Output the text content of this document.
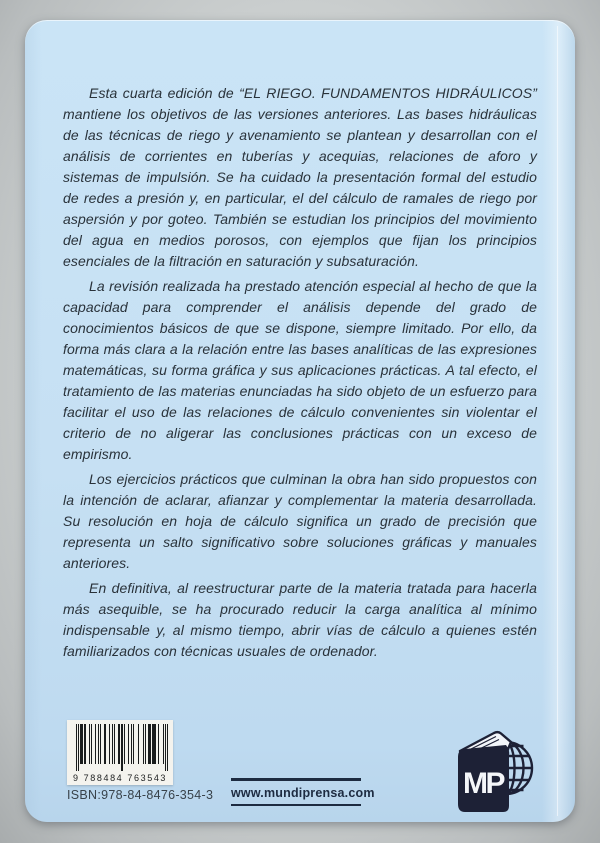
Esta cuarta edición de “EL RIEGO. FUNDAMENTOS HIDRÁULICOS” mantiene los objetivos de las versiones anteriores. Las bases hidráulicas de las técnicas de riego y avenamiento se plantean y desarrollan con el análisis de corrientes en tuberías y acequias, relaciones de aforo y sistemas de impulsión. Se ha cuidado la presentación formal del estudio de redes a presión y, en particular, el del cálculo de ramales de riego por aspersión y por goteo. También se estudian los principios del movimiento del agua en medios porosos, con ejemplos que fijan los principios esenciales de la filtración en saturación y subsaturación.

La revisión realizada ha prestado atención especial al hecho de que la capacidad para comprender el análisis depende del grado de conocimientos básicos de que se dispone, siempre limitado. Por ello, da forma más clara a la relación entre las bases analíticas de las expresiones matemáticas, su forma gráfica y sus aplicaciones prácticas. A tal efecto, el tratamiento de las materias enunciadas ha sido objeto de un esfuerzo para facilitar el uso de las relaciones de cálculo convenientes sin violentar el criterio de no aligerar las conclusiones prácticas con un exceso de empirismo.

Los ejercicios prácticos que culminan la obra han sido propuestos con la intención de aclarar, afianzar y complementar la materia desarrollada. Su resolución en hoja de cálculo significa un grado de precisión que representa un salto significativo sobre soluciones gráficas y manuales anteriores.

En definitiva, al reestructurar parte de la materia tratada para hacerla más asequible, se ha procurado reducir la carga analítica al mínimo indispensable y, al mismo tiempo, abrir vías de cálculo a quienes estén familiarizados con técnicas usuales de ordenador.

9 788484 763543
ISBN:978-84-8476-354-3 www.mundiprensa.com	MP
